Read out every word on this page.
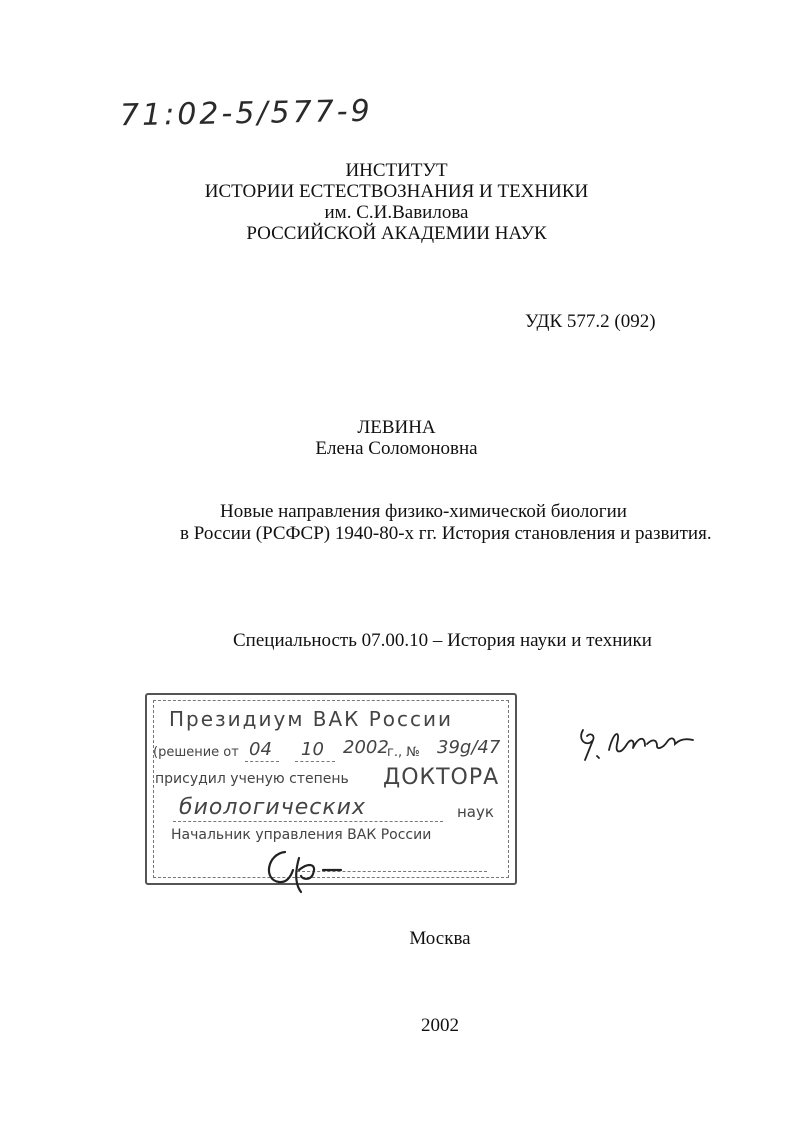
71:02-5/577-9
ИНСТИТУТ
ИСТОРИИ ЕСТЕСТВОЗНАНИЯ И ТЕХНИКИ
им. С.И.Вавилова
РОССИЙСКОЙ АКАДЕМИИ НАУК
УДК 577.2 (092)
ЛЕВИНА
Елена Соломоновна
Новые направления физико-химической биологии
в России (РСФСР) 1940-80-х гг. История становления и развития.
Специальность 07.00.10 – История науки и техники
Президиум ВАК России
(решение от 04 10 2002
г., № 39g/47
присудил ученую степень ДОКТОРА
биологических	наук
Начальник управления ВАК России
Москва
2002
